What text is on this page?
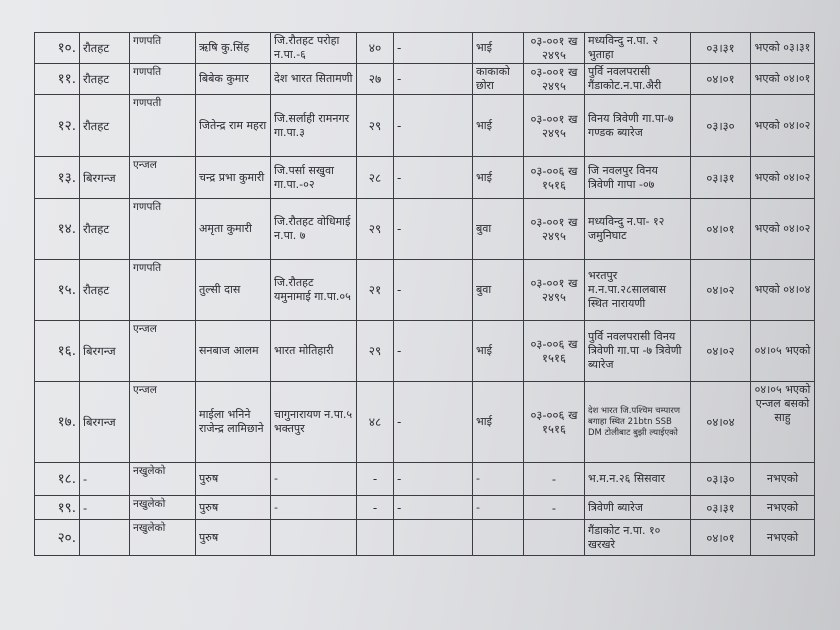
१०.	रौतहट	गणपति	ऋषि कु.सिंह	जि.रौतहट परोहा न.पा.-६	४०	-	भाई	०३-००१ ख २४९५	मध्यविन्दु न.पा. २ भुताहा	०३।३१	भएको ०३।३१
११.	रौतहट	गणपति	बिबेक कुमार	देश भारत सितामणी	२७	-	काकाको छोरा	०३-००१ ख २४९५	पुर्वि नवलपरासी गैंडाकोट.न.पा.अैरी	०४।०१	भएको ०४।०१
१२.	रौतहट	गणपती	जितेन्द्र राम महरा	जि.सर्लाही रामनगर गा.पा.३	२९	-	भाई	०३-००१ ख २४९५	विनय त्रिवेणी गा.पा-७ गण्डक ब्यारेज	०३।३०	भएको ०४।०२
१३.	बिरगन्ज	एन्जल	चन्द्र प्रभा कुमारी	जि.पर्सा सखुवा गा.पा.-०२	२८	-	भाई	०३-००६ ख १५१६	जि नवलपुर विनय त्रिवेणी गापा -०७	०३।३१	भएको ०४।०२
१४.	रौतहट	गणपति	अमृता कुमारी	जि.रौतहट वोधिमाई न.पा. ७	२९	-	बुवा	०३-००१ ख २४९५	मध्यविन्दु न.पा- १२ जमुनिघाट	०४।०१	भएको ०४।०२
१५.	रौतहट	गणपति	तुल्सी दास	जि.रौतहट यमुनामाई गा.पा.०५	२१	-	बुवा	०३-००१ ख २४९५	भरतपुर म.न.पा.२८सालबास स्थित नारायणी	०४।०२	भएको ०४।०४
१६.	बिरगन्ज	एन्जल	सनबाज आलम	भारत मोतिहारी	२९	-	भाई	०३-००६ ख १५१६	पुर्वि नवलपरासी विनय त्रिवेणी गा.पा -७ त्रिवेणी ब्यारेज	०४।०२	०४।०५ भएको
१७.	बिरगन्ज	एन्जल	माईला भनिने राजेन्द्र लामिछाने	चागुनारायण न.पा.५ भक्तपुर	४८	-	भाई	०३-००६ ख १५१६	देश भारत जि.पश्चिम चम्पारण बगाहा स्थित 21btn SSB DM टोलीबाट बुझी ल्याईएको	०४।०४	०४।०५ भएको एन्जल बसको साहु
१८.	-	नखुलेको	पुरुष	-	-	-	-	-	भ.म.न.२६ सिसवार	०३।३०	नभएको
१९.	-	नखुलेको	पुरुष	-	-	-	-	-	त्रिवेणी ब्यारेज	०३।३१	नभएको
२०.		नखुलेको	पुरुष						गैंडाकोट न.पा. १० खरखरे	०४।०१	नभएको
